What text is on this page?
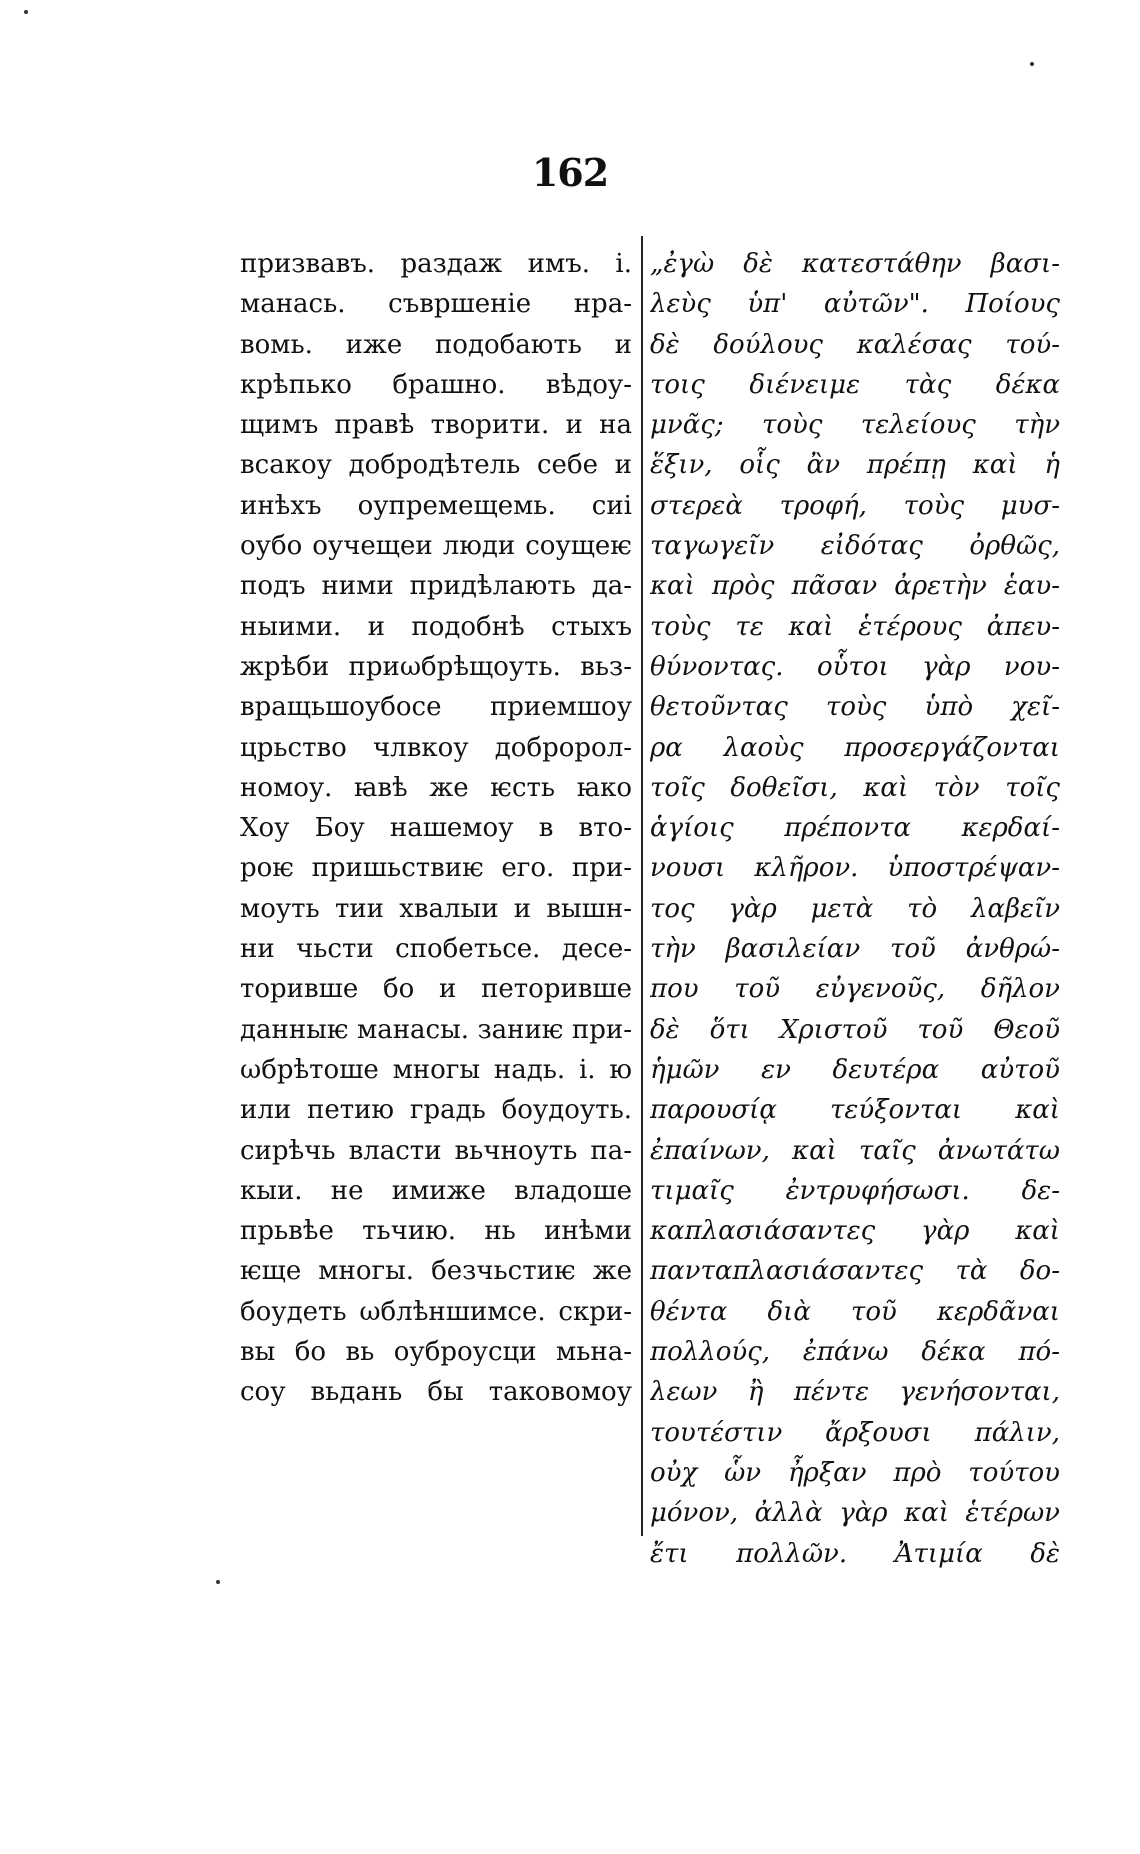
162
призвавъ. раздаж имъ. і.
манась. съвршеніе нра-
вомь. иже подобають и
крѣпько брашно. вѣдоу-
щимъ правѣ творити. и на
всакоу добродѣтель себе и
инѣхъ оупремещемь. сиі
оубо оучещеи люди соущеѥ
подъ ними придѣлають да-
ныими. и подобнѣ стыхъ
жрѣби приωбрѣщоуть. вьз-
вращьшоубосе приемшоу
црьство члвкоу добророл-
номоу. ꙗвѣ же ѥсть ꙗко
Хоу Боу нашемоу в вто-
роѥ пришьствиѥ его. при-
моуть тии хвалыи и вышн-
ни чьсти спобетьсе. десе-
торивше бо и петоривше
данныѥ манасы. заниѥ при-
ωбрѣтоше многы надь. і. ю
или петию градь боудоуть.
сирѣчь власти вьчноуть па-
кыи. не имиже владоше
прьвѣе тьчию. нь инѣми
ѥще многы. безчьстиѥ же
боудеть ωблѣншимсе. скри-
вы бо вь оуброусци мьна-
соу вьдань бы таковомоу
„ἐγὼ δὲ κατεστάθην βασι-
λεὺς ὑπ' αὐτῶν". Ποίους
δὲ δούλους καλέσας τού-
τοις διένειμε τὰς δέκα
μνᾶς; τοὺς τελείους τὴν
ἕξιν, οἷς ἂν πρέπῃ καὶ ἡ
στερεὰ τροφή, τοὺς μυσ-
ταγωγεῖν εἰδότας ὀρθῶς,
καὶ πρὸς πᾶσαν ἀρετὴν ἑαυ-
τοὺς τε καὶ ἑτέρους ἀπευ-
θύνοντας. οὗτοι γὰρ νου-
θετοῦντας τοὺς ὑπὸ χεῖ-
ρα λαοὺς προσεργάζονται
τοῖς δοθεῖσι, καὶ τὸν τοῖς
ἁγίοις πρέποντα κερδαί-
νουσι κλῆρον. ὑποστρέψαν-
τος γὰρ μετὰ τὸ λαβεῖν
τὴν βασιλείαν τοῦ ἀνθρώ-
που τοῦ εὐγενοῦς, δῆλον
δὲ ὅτι Χριστοῦ τοῦ Θεοῦ
ἡμῶν εν δευτέρα αὐτοῦ
παρουσίᾳ τεύξονται καὶ
ἐπαίνων, καὶ ταῖς ἀνωτάτω
τιμαῖς ἐντρυφήσωσι. δε-
καπλασιάσαντες γὰρ καὶ
πανταπλασιάσαντες τὰ δο-
θέντα διὰ τοῦ κερδᾶναι
πολλούς, ἐπάνω δέκα πό-
λεων ἢ πέντε γενήσονται,
τουτέστιν ἄρξουσι πάλιν,
οὐχ ὧν ἦρξαν πρὸ τούτου
μόνον, ἀλλὰ γὰρ καὶ ἑτέρων
ἔτι πολλῶν. Ἀτιμία δὲ
